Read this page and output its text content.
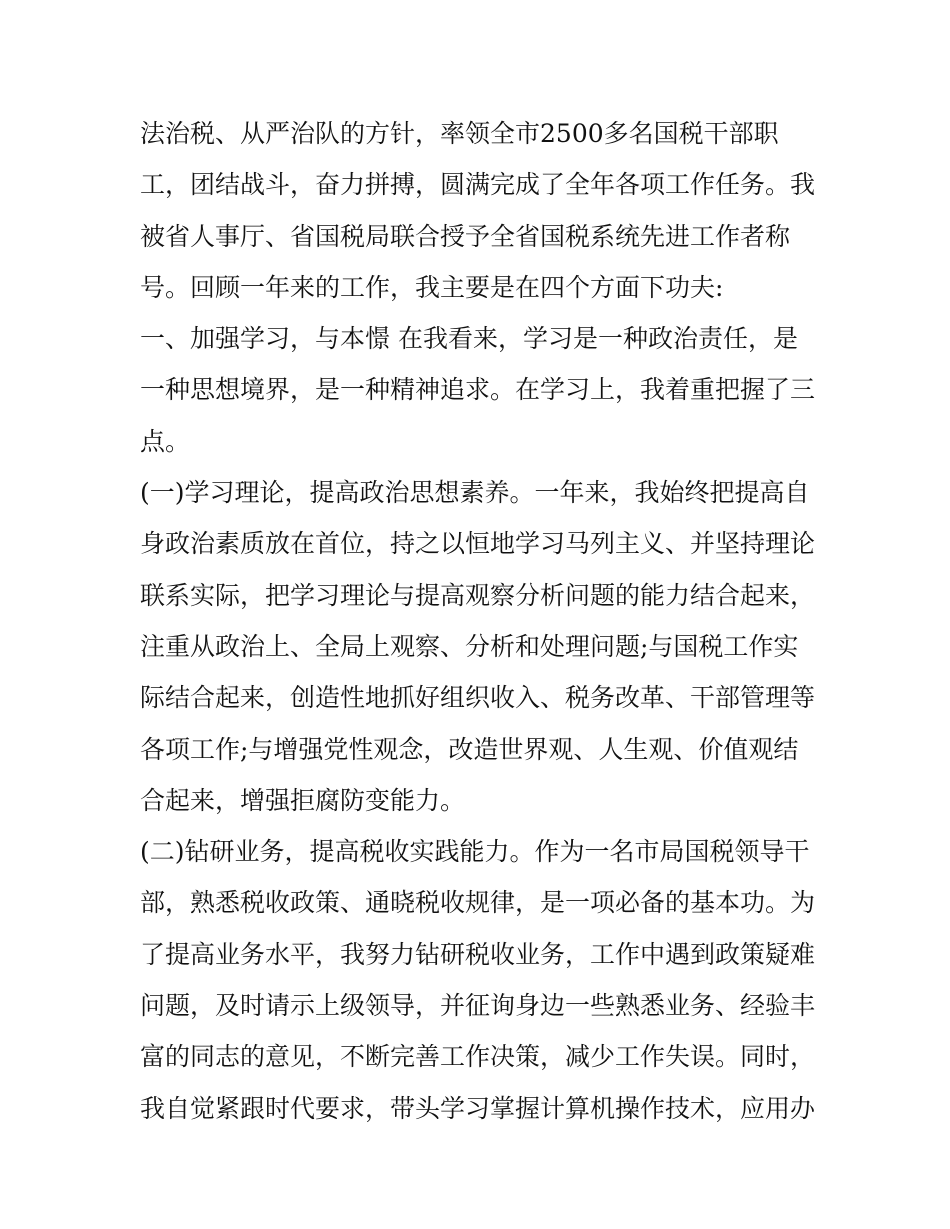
法治税、从严治队的方针，率领全市2500多名国税干部职

工，团结战斗，奋力拼搏，圆满完成了全年各项工作任务。我

被省人事厅、省国税局联合授予全省国税系统先进工作者称

号。回顾一年来的工作，我主要是在四个方面下功夫:

一、加强学习，与本憬 在我看来，学习是一种政治责任，是

一种思想境界，是一种精神追求。在学习上，我着重把握了三

点。

(一)学习理论，提高政治思想素养。一年来，我始终把提高自

身政治素质放在首位，持之以恒地学习马列主义、并坚持理论

联系实际，把学习理论与提高观察分析问题的能力结合起来，

注重从政治上、全局上观察、分析和处理问题;与国税工作实

际结合起来，创造性地抓好组织收入、税务改革、干部管理等

各项工作;与增强党性观念，改造世界观、人生观、价值观结

合起来，增强拒腐防变能力。

(二)钻研业务，提高税收实践能力。作为一名市局国税领导干

部，熟悉税收政策、通晓税收规律，是一项必备的基本功。为

了提高业务水平，我努力钻研税收业务，工作中遇到政策疑难

问题，及时请示上级领导，并征询身边一些熟悉业务、经验丰

富的同志的意见，不断完善工作决策，减少工作失误。同时，

我自觉紧跟时代要求，带头学习掌握计算机操作技术，应用办
